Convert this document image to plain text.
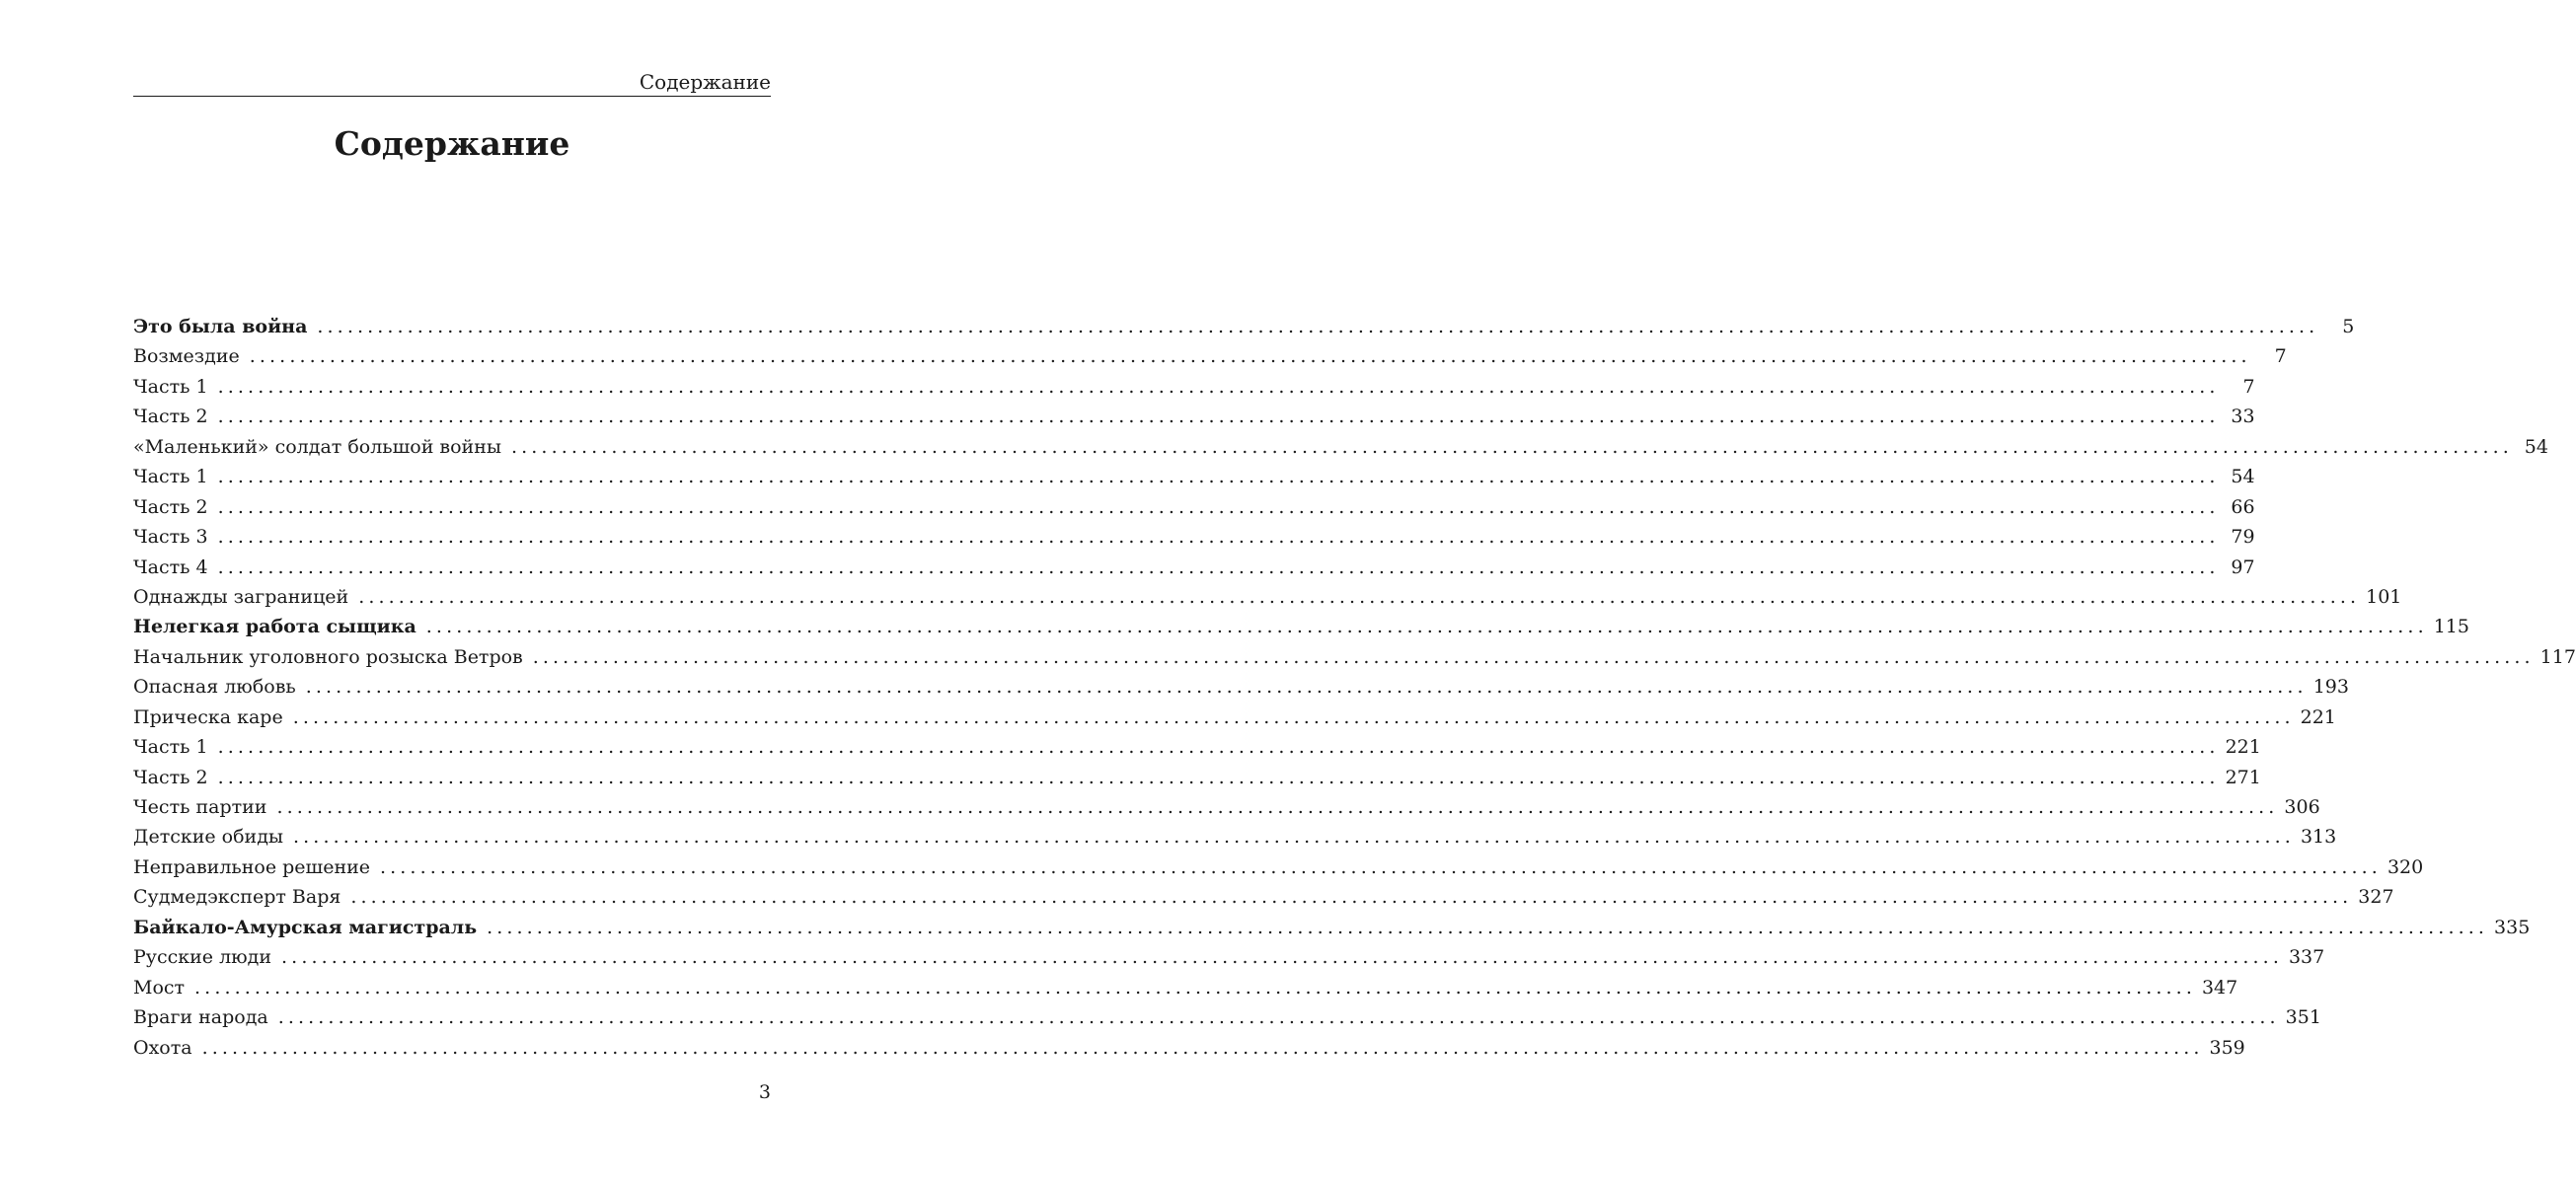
Содержание
Содержание
Это была война ........................................................................................................................................................................................................	5
Возмездие ........................................................................................................................................................................................................	7
Часть 1 ........................................................................................................................................................................................................	7
Часть 2 ........................................................................................................................................................................................................ 33
«Маленький» солдат большой войны ........................................................................................................................................................................................................ 54
Часть 1 ........................................................................................................................................................................................................ 54
Часть 2 ........................................................................................................................................................................................................ 66
Часть 3 ........................................................................................................................................................................................................ 79
Часть 4 ........................................................................................................................................................................................................ 97
Однажды заграницей ........................................................................................................................................................................................................ 101
Нелегкая работа сыщика ........................................................................................................................................................................................................ 115
Начальник уголовного розыска Ветров ........................................................................................................................................................................................................ 117
Опасная любовь ........................................................................................................................................................................................................ 193
Прическа каре ........................................................................................................................................................................................................ 221
Часть 1 ........................................................................................................................................................................................................ 221
Часть 2 ........................................................................................................................................................................................................ 271
Честь партии ........................................................................................................................................................................................................ 306
Детские обиды ........................................................................................................................................................................................................ 313
Неправильное решение ........................................................................................................................................................................................................ 320
Судмедэксперт Варя ........................................................................................................................................................................................................ 327
Байкало-Амурская магистраль ........................................................................................................................................................................................................ 335
Русские люди ........................................................................................................................................................................................................ 337
Мост ........................................................................................................................................................................................................ 347
Враги народа ........................................................................................................................................................................................................ 351
Охота ........................................................................................................................................................................................................ 359
3
